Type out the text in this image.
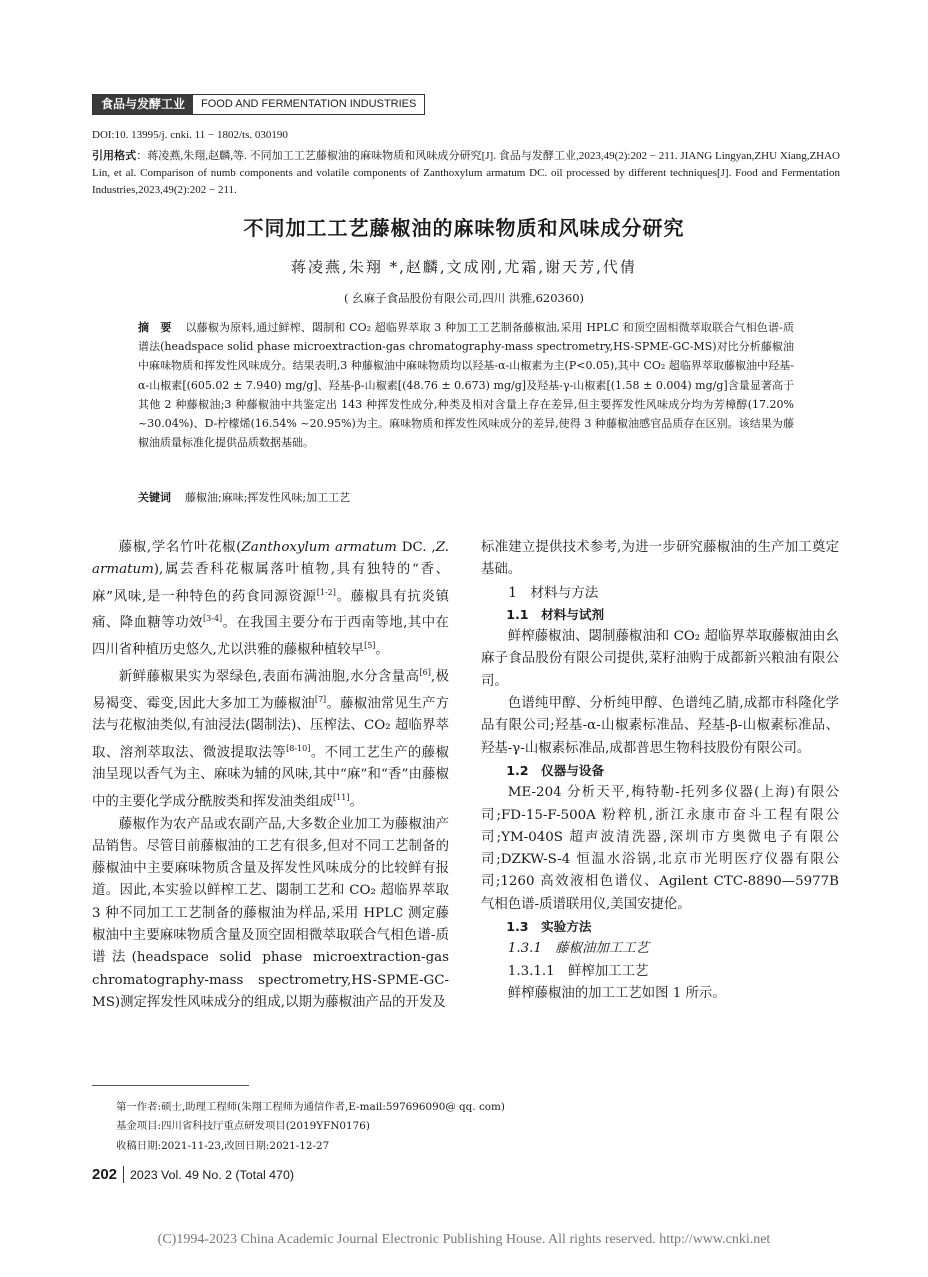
食品与发酵工业	FOOD AND FERMENTATION INDUSTRIES
DOI:10. 13995/j. cnki. 11 − 1802/ts. 030190
引用格式：蒋凌燕,朱翔,赵麟,等. 不同加工工艺藤椒油的麻味物质和风味成分研究[J]. 食品与发酵工业,2023,49(2):202 − 211. JIANG Lingyan,ZHU Xiang,ZHAO Lin, et al. Comparison of numb components and volatile components of Zanthoxylum armatum DC. oil processed by different techniques[J]. Food and Fermentation Industries,2023,49(2):202 − 211.
不同加工工艺藤椒油的麻味物质和风味成分研究
蒋凌燕,朱翔 *,赵麟,文成刚,尤霜,谢天芳,代倩
( 幺麻子食品股份有限公司,四川 洪雅,620360)
摘　要 以藤椒为原料,通过鲜榨、閟制和 CO₂ 超临界萃取 3 种加工工艺制备藤椒油,采用 HPLC 和顶空固相微萃取联合气相色谱-质谱法(headspace solid phase microextraction-gas chromatography-mass spectrometry,HS-SPME-GC-MS)对比分析藤椒油中麻味物质和挥发性风味成分。结果表明,3 种藤椒油中麻味物质均以羟基-α-山椒素为主(P<0.05),其中 CO₂ 超临界萃取藤椒油中羟基-α-山椒素[(605.02 ± 7.940) mg/g]、羟基-β-山椒素[(48.76 ± 0.673) mg/g]及羟基-γ-山椒素[(1.58 ± 0.004) mg/g]含量显著高于其他 2 种藤椒油;3 种藤椒油中共鉴定出 143 种挥发性成分,种类及相对含量上存在差异,但主要挥发性风味成分均为芳樟醇(17.20% ~30.04%)、D-柠檬烯(16.54% ~20.95%)为主。麻味物质和挥发性风味成分的差异,使得 3 种藤椒油感官品质存在区别。该结果为藤椒油质量标准化提供品质数据基础。
关键词 藤椒油;麻味;挥发性风味;加工工艺

藤椒,学名竹叶花椒(Zanthoxylum armatum DC. ,Z. armatum),属芸香科花椒属落叶植物,具有独特的“香、麻”风味,是一种特色的药食同源资源[1-2]。藤椒具有抗炎镇痛、降血糖等功效[3-4]。在我国主要分布于西南等地,其中在四川省种植历史悠久,尤以洪雅的藤椒种植较早[5]。

新鲜藤椒果实为翠绿色,表面布满油胞,水分含量高[6],极易褐变、霉变,因此大多加工为藤椒油[7]。藤椒油常见生产方法与花椒油类似,有油浸法(閟制法)、压榨法、CO₂ 超临界萃取、溶剂萃取法、微波提取法等[8-10]。不同工艺生产的藤椒油呈现以香气为主、麻味为辅的风味,其中“麻”和“香”由藤椒中的主要化学成分酰胺类和挥发油类组成[11]。

藤椒作为农产品或农副产品,大多数企业加工为藤椒油产品销售。尽管目前藤椒油的工艺有很多,但对不同工艺制备的藤椒油中主要麻味物质含量及挥发性风味成分的比较鲜有报道。因此,本实验以鲜榨工艺、閟制工艺和 CO₂ 超临界萃取 3 种不同加工工艺制备的藤椒油为样品,采用 HPLC 测定藤椒油中主要麻味物质含量及顶空固相微萃取联合气相色谱-质谱法(headspace solid phase microextraction-gas chromatography-mass spectrometry,HS-SPME-GC-MS)测定挥发性风味成分的组成,以期为藤椒油产品的开发及

标准建立提供技术参考,为进一步研究藤椒油的生产加工奠定基础。

1　材料与方法

1.1　材料与试剂

鲜榨藤椒油、閟制藤椒油和 CO₂ 超临界萃取藤椒油由幺麻子食品股份有限公司提供,菜籽油购于成都新兴粮油有限公司。

色谱纯甲醇、分析纯甲醇、色谱纯乙腈,成都市科隆化学品有限公司;羟基-α-山椒素标准品、羟基-β-山椒素标准品、羟基-γ-山椒素标准品,成都普思生物科技股份有限公司。

1.2　仪器与设备

ME-204 分析天平,梅特勒-托列多仪器(上海)有限公司;FD-15-F-500A 粉粹机,浙江永康市奋斗工程有限公司;YM-040S 超声波清洗器,深圳市方奥微电子有限公司;DZKW-S-4 恒温水浴锅,北京市光明医疗仪器有限公司;1260 高效液相色谱仪、Agilent CTC-8890—5977B 气相色谱-质谱联用仪,美国安捷伦。

1.3　实验方法

1.3.1　藤椒油加工工艺

1.3.1.1　鲜榨加工工艺

鲜榨藤椒油的加工工艺如图 1 所示。

第一作者:硕士,助理工程师(朱翔工程师为通信作者,E-mail:597696090@ qq. com)
基金项目:四川省科技厅重点研发项目(2019YFN0176)
收稿日期:2021-11-23,改回日期:2021-12-27
202	2023 Vol. 49 No. 2 (Total 470)
(C)1994-2023 China Academic Journal Electronic Publishing House. All rights reserved. http://www.cnki.net
